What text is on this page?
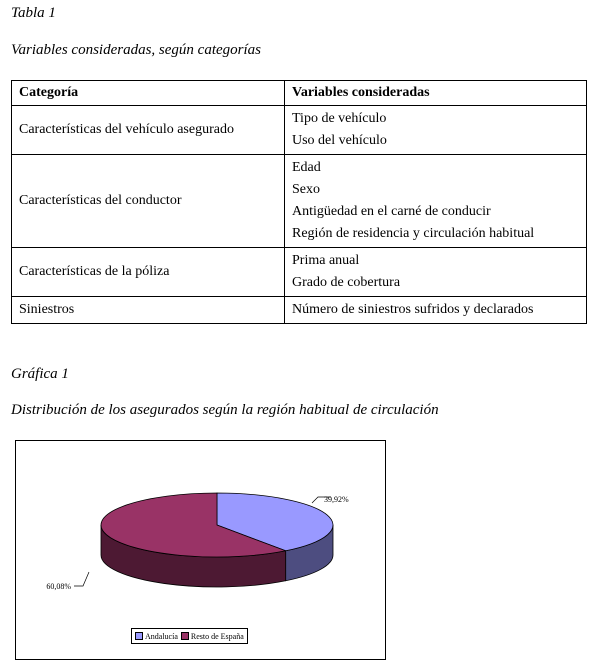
Tabla 1

Variables consideradas, según categorías

Categoría	Variables consideradas
Características del vehículo asegurado	Tipo de vehículo
Uso del vehículo

Características del conductor	Edad
Sexo
Antigüedad en el carné de conducir
Región de residencia y circulación habitual

Características de la póliza	Prima anual
Grado de cobertura

Siniestros	Número de siniestros sufridos y declarados

Gráfica 1

Distribución de los asegurados según la región habitual de circulación

39,92%
60,08%
Andalucía Resto de España
